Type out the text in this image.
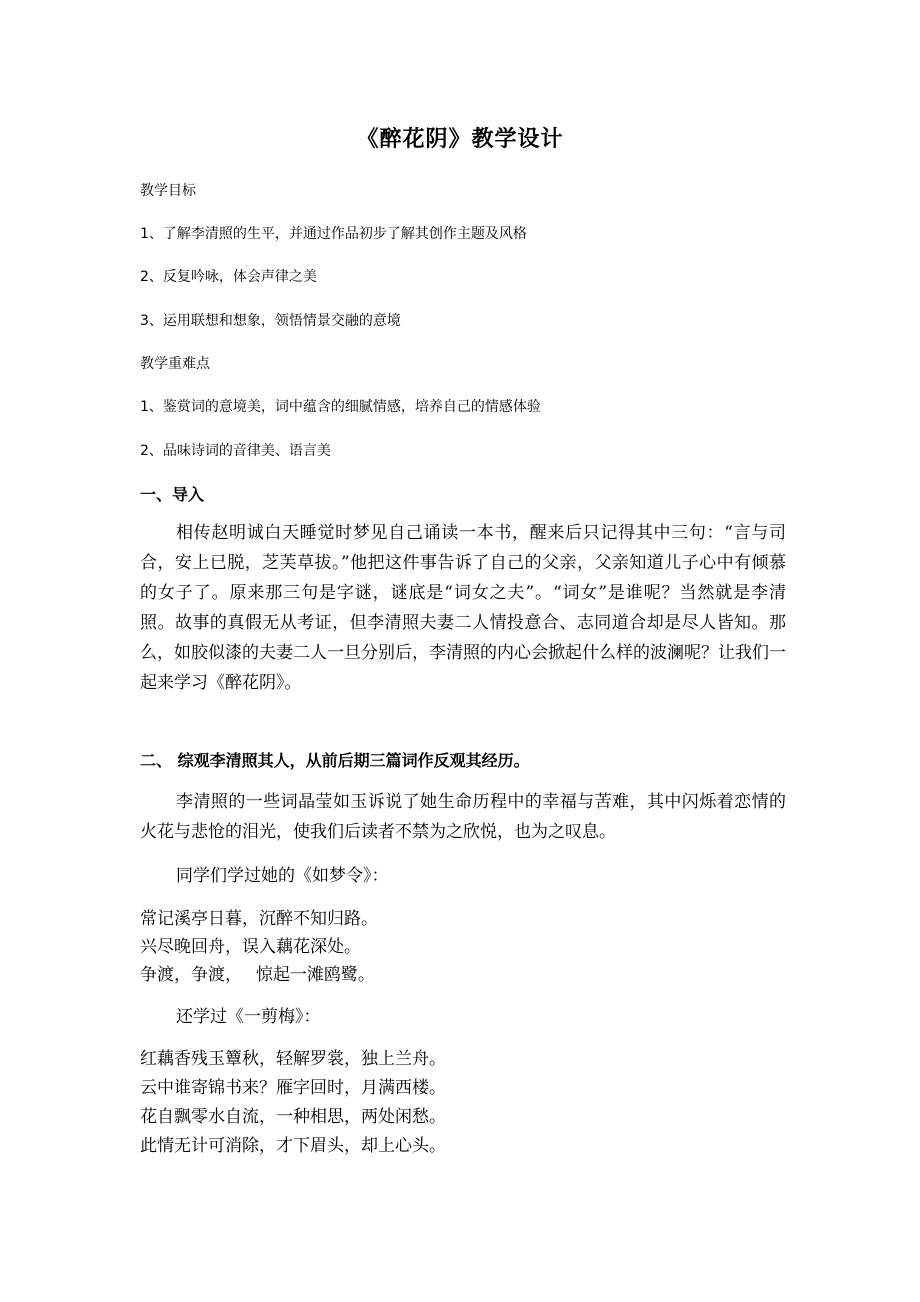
《醉花阴》教学设计
教学目标
1、了解李清照的生平，并通过作品初步了解其创作主题及风格
2、反复吟咏，体会声律之美
3、运用联想和想象，领悟情景交融的意境
教学重难点
1、鉴赏词的意境美，词中蕴含的细腻情感，培养自己的情感体验
2、品味诗词的音律美、语言美
一、导入
相传赵明诚白天睡觉时梦见自己诵读一本书，醒来后只记得其中三句：“言与司合，安上已脱，芝芙草拔。”他把这件事告诉了自己的父亲，父亲知道儿子心中有倾慕的女子了。原来那三句是字谜，谜底是“词女之夫”。“词女”是谁呢？当然就是李清照。故事的真假无从考证，但李清照夫妻二人情投意合、志同道合却是尽人皆知。那么，如胶似漆的夫妻二人一旦分别后，李清照的内心会掀起什么样的波澜呢？让我们一起来学习《醉花阴》。
二、 综观李清照其人，从前后期三篇词作反观其经历。
李清照的一些词晶莹如玉诉说了她生命历程中的幸福与苦难，其中闪烁着恋情的火花与悲怆的泪光，使我们后读者不禁为之欣悦，也为之叹息。
同学们学过她的《如梦令》：
常记溪亭日暮，沉醉不知归路。
兴尽晚回舟，误入藕花深处。
争渡，争渡，　 惊起一滩鸥鹭。
还学过《一剪梅》：
红藕香残玉簟秋，轻解罗裳，独上兰舟。
云中谁寄锦书来？雁字回时，月满西楼。
花自飘零水自流，一种相思，两处闲愁。
此情无计可消除，才下眉头，却上心头。
